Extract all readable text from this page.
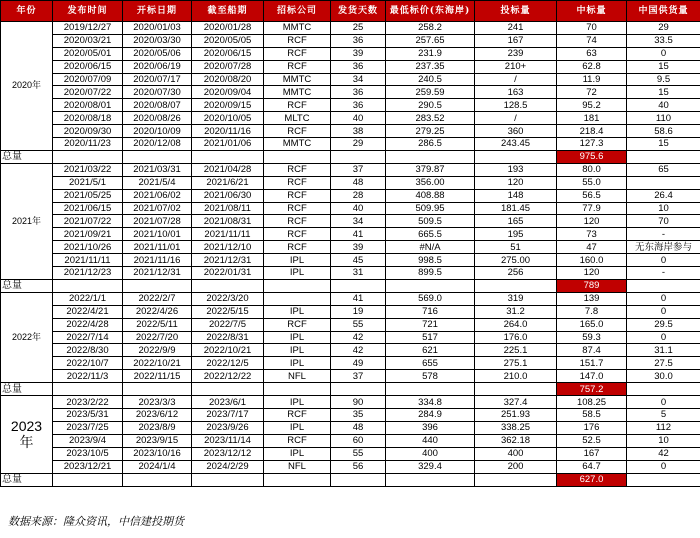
年份	发布时间	开标日期	截至船期	招标公司	发货天数	最低标价(东海岸)	投标量	中标量	中国供货量
2020年	2019/12/27	2020/01/03	2020/01/28	MMTC	25	258.2	241	70	29
	2020/03/21	2020/03/30	2020/05/05	RCF	36	257.65	167	74	33.5
	2020/05/01	2020/05/06	2020/06/15	RCF	39	231.9	239	63	0
	2020/06/15	2020/06/19	2020/07/28	RCF	36	237.35	210+	62.8	15
	2020/07/09	2020/07/17	2020/08/20	MMTC	34	240.5	/	11.9	9.5
	2020/07/22	2020/07/30	2020/09/04	MMTC	36	259.59	163	72	15
	2020/08/01	2020/08/07	2020/09/15	RCF	36	290.5	128.5	95.2	40
	2020/08/18	2020/08/26	2020/10/05	MLTC	40	283.52	/	181	110
	2020/09/30	2020/10/09	2020/11/16	RCF	38	279.25	360	218.4	58.6
	2020/11/23	2020/12/08	2021/01/06	MMTC	29	286.5	243.45	127.3	15
总量								975.6	
2021年	2021/03/22	2021/03/31	2021/04/28	RCF	37	379.87	193	80.0	65
	2021/5/1	2021/5/4	2021/6/21	RCF	48	356.00	120	55.0	
	2021/05/25	2021/06/02	2021/06/30	RCF	28	408.88	148	56.5	26.4
	2021/06/15	2021/07/02	2021/08/11	RCF	40	509.95	181.45	77.9	10
	2021/07/22	2021/07/28	2021/08/31	RCF	34	509.5	165	120	70
	2021/09/21	2021/10/01	2021/11/11	RCF	41	665.5	195	73	-
	2021/10/26	2021/11/01	2021/12/10	RCF	39	#N/A	51	47	无东海岸参与
	2021/11/11	2021/11/16	2021/12/31	IPL	45	998.5	275.00	160.0	0
	2021/12/23	2021/12/31	2022/01/31	IPL	31	899.5	256	120	-
总量								789	
2022年	2022/1/1	2022/2/7	2022/3/20		41	569.0	319	139	0
	2022/4/21	2022/4/26	2022/5/15	IPL	19	716	31.2	7.8	0
	2022/4/28	2022/5/11	2022/7/5	RCF	55	721	264.0	165.0	29.5
	2022/7/14	2022/7/20	2022/8/31	IPL	42	517	176.0	59.3	0
	2022/8/30	2022/9/9	2022/10/21	IPL	42	621	225.1	87.4	31.1
	2022/10/7	2022/10/21	2022/12/5	IPL	49	655	275.1	151.7	27.5
	2022/11/3	2022/11/15	2022/12/22	NFL	37	578	210.0	147.0	30.0
总量								757.2	
2023
年	2023/2/22	2023/3/3	2023/6/1	IPL	90	334.8	327.4	108.25	0
	2023/5/31	2023/6/12	2023/7/17	RCF	35	284.9	251.93	58.5	5
	2023/7/25	2023/8/9	2023/9/26	IPL	48	396	338.25	176	112
	2023/9/4	2023/9/15	2023/11/14	RCF	60	440	362.18	52.5	10
	2023/10/5	2023/10/16	2023/12/12	IPL	55	400	400	167	42
	2023/12/21	2024/1/4	2024/2/29	NFL	56	329.4	200	64.7	0
总量								627.0	
数据来源：隆众资讯，中信建投期货
